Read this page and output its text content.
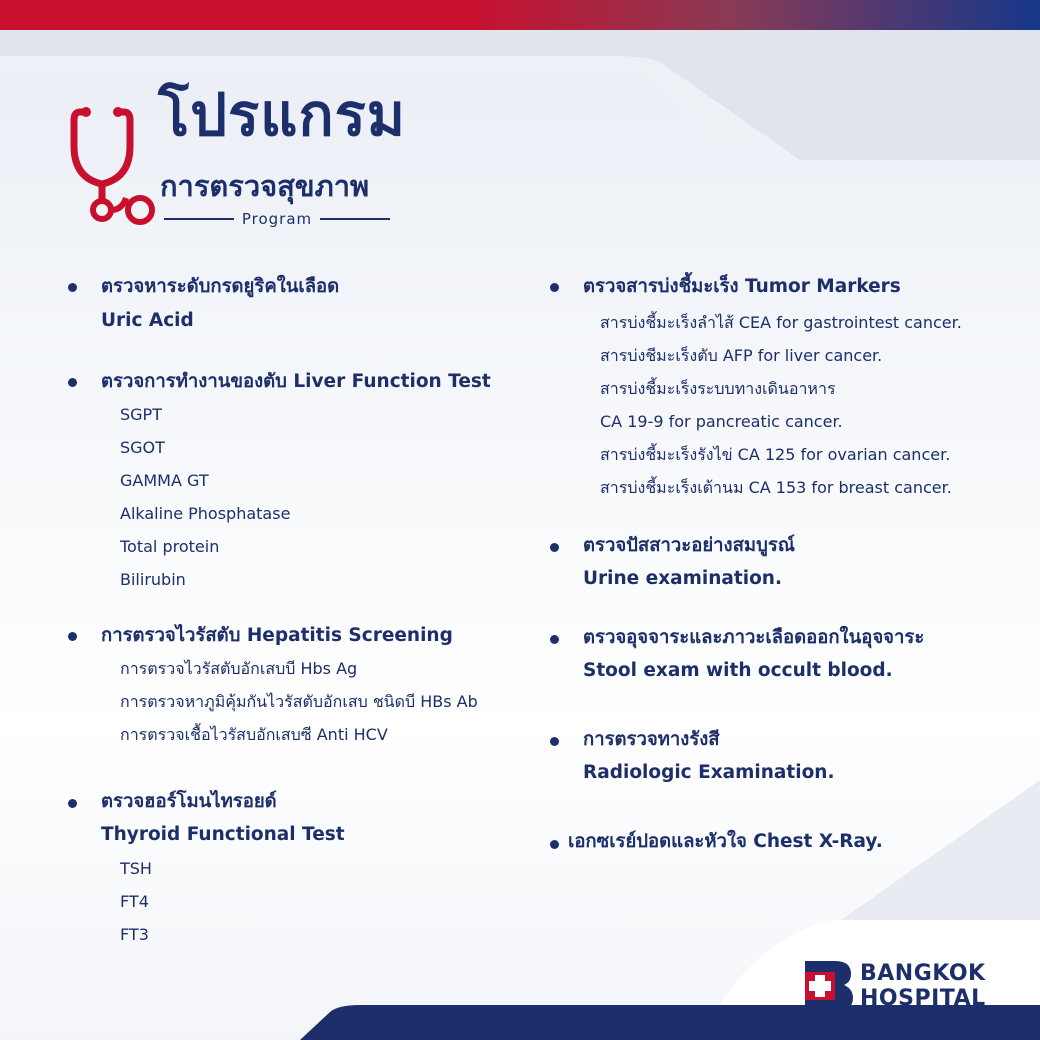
โปรแกรม
การตรวจสุขภาพ
Program
ตรวจหาระดับกรดยูริคในเลือด
Uric Acid
ตรวจการทำงานของตับ Liver Function Test
SGPT
SGOT
GAMMA GT
Alkaline Phosphatase
Total protein
Bilirubin
การตรวจไวรัสตับ Hepatitis Screening
การตรวจไวรัสตับอักเสบบี Hbs Ag
การตรวจหาภูมิคุ้มกันไวรัสตับอักเสบ ชนิดบี HBs Ab
การตรวจเชื้อไวรัสบอักเสบซี Anti HCV
ตรวจฮอร์โมนไทรอยด์
Thyroid Functional Test
TSH
FT4
FT3
ตรวจสารบ่งชี้มะเร็ง Tumor Markers
สารบ่งชี้มะเร็งลำไส้ CEA for gastrointest cancer.
สารบ่งชีมะเร็งตับ AFP for liver cancer.
สารบ่งชี้มะเร็งระบบทางเดินอาหาร
CA 19-9 for pancreatic cancer.
สารบ่งชี้มะเร็งรังไข่ CA 125 for ovarian cancer.
สารบ่งชี้มะเร็งเต้านม CA 153 for breast cancer.
ตรวจปัสสาวะอย่างสมบูรณ์
Urine examination.
ตรวจอุจจาระและภาวะเลือดออกในอุจจาระ
Stool exam with occult blood.
การตรวจทางรังสี
Radiologic Examination.
เอกซเรย์ปอดและหัวใจ Chest X-Ray.
BANGKOK
HOSPITAL
